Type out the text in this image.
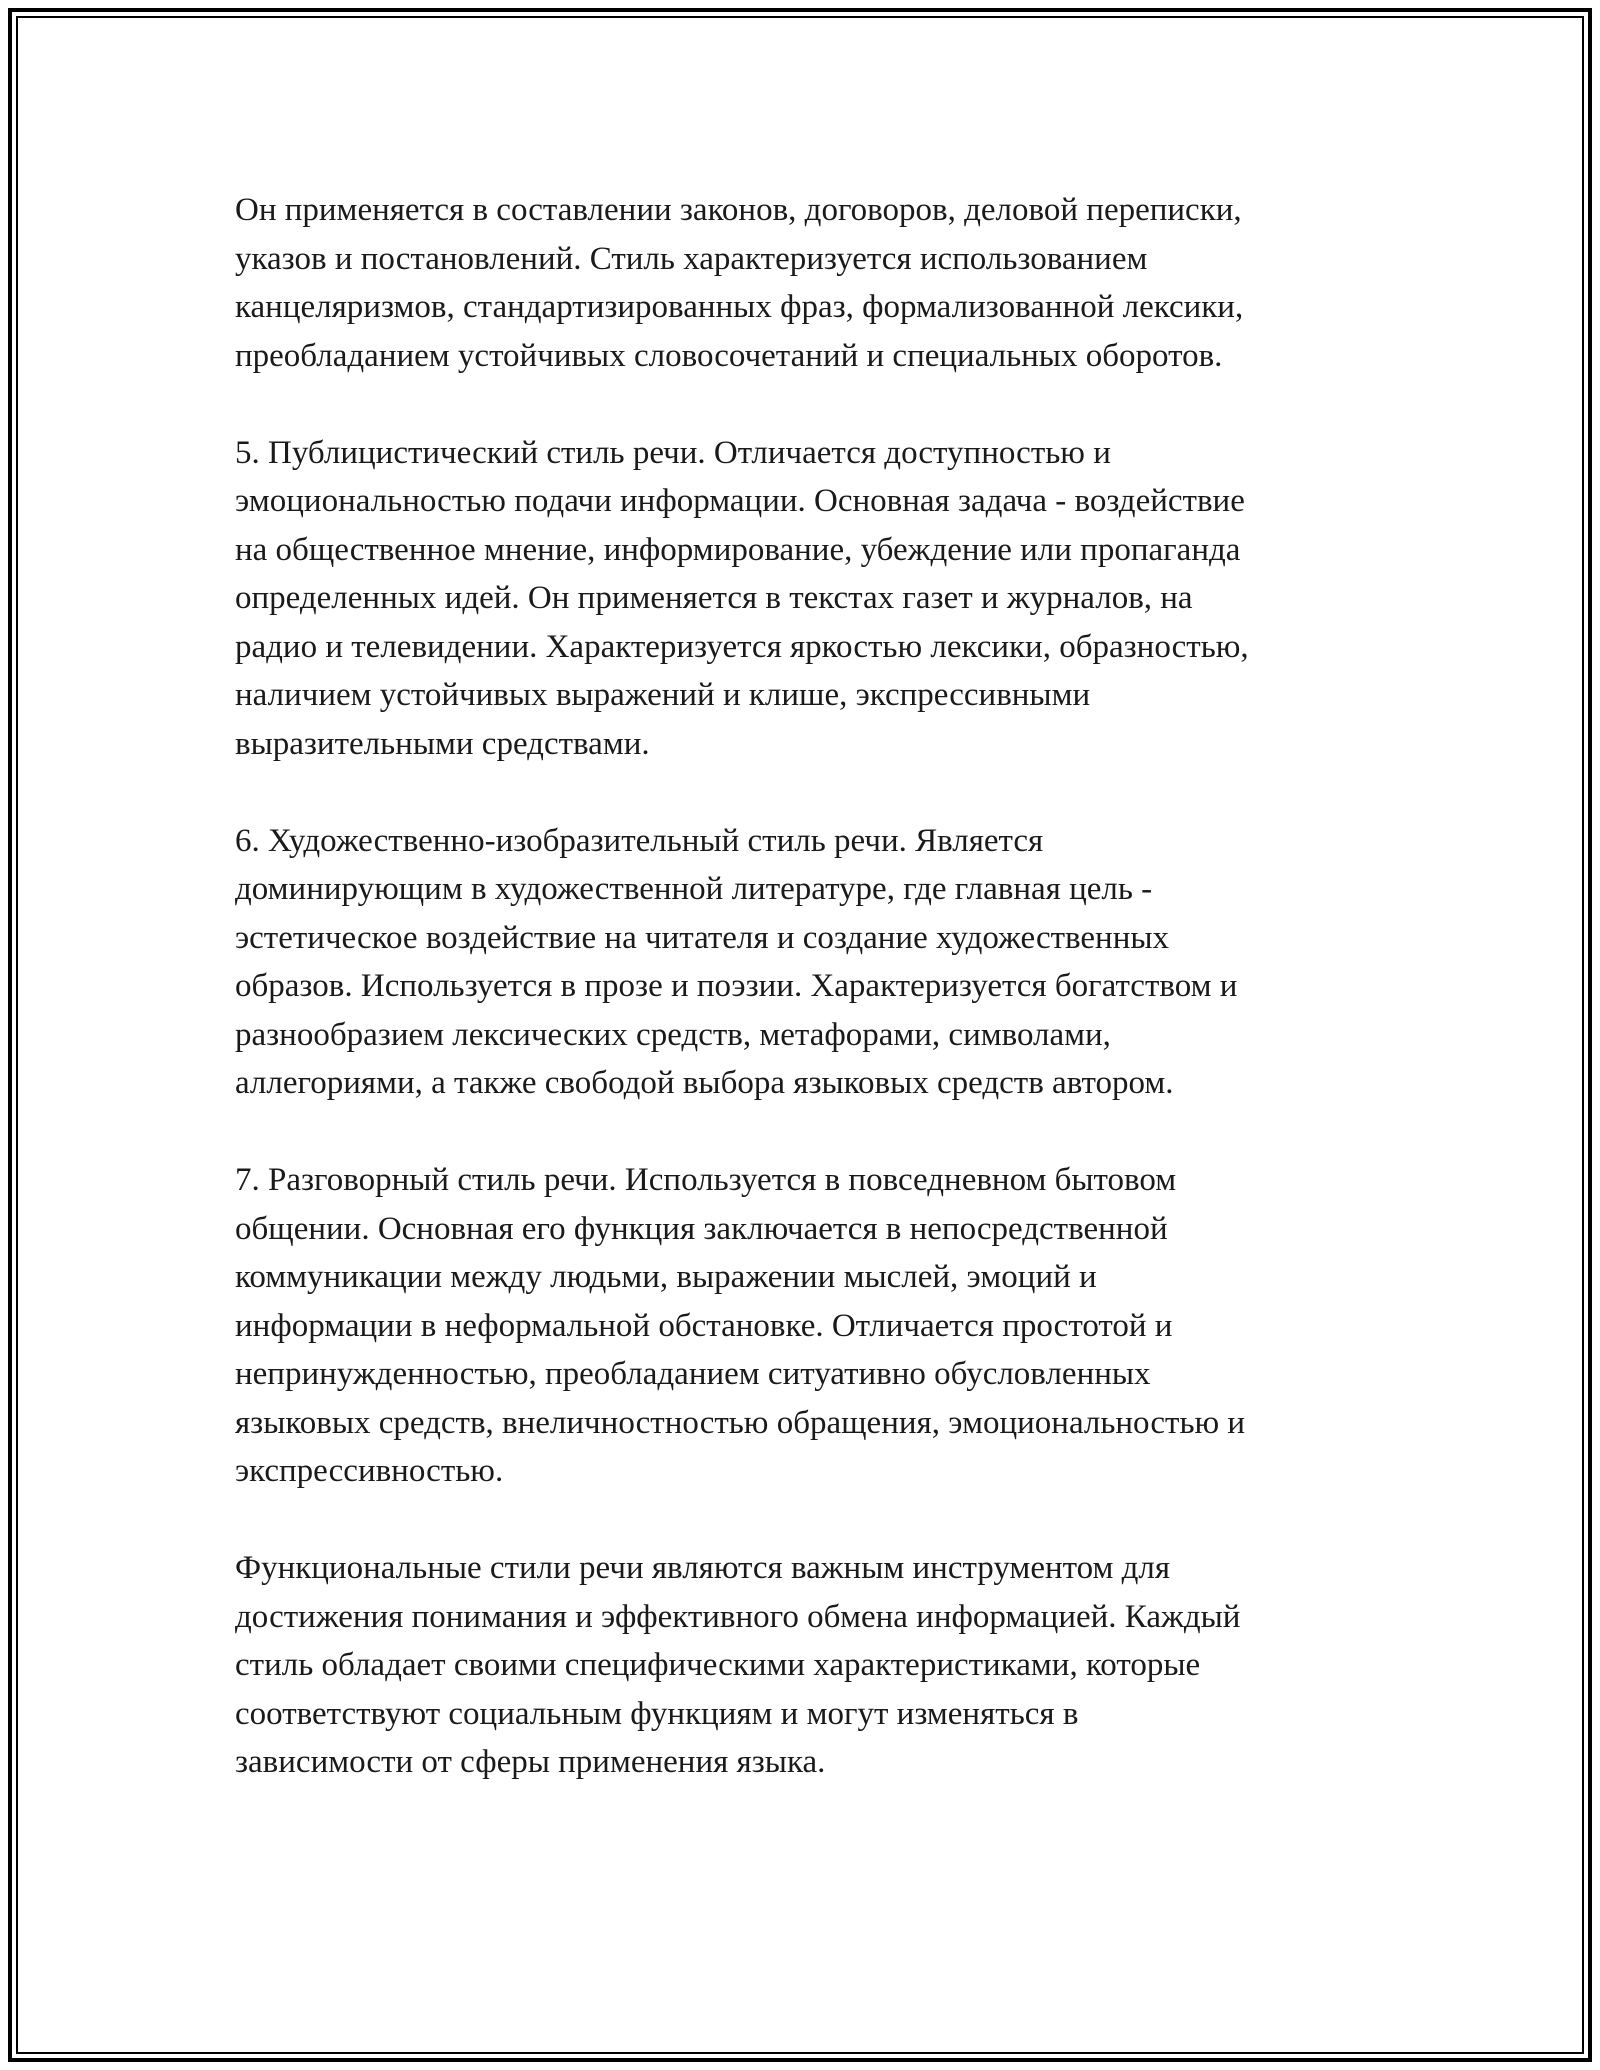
Он применяется в составлении законов, договоров, деловой переписки,
указов и постановлений. Стиль характеризуется использованием
канцеляризмов, стандартизированных фраз, формализованной лексики,
преобладанием устойчивых словосочетаний и специальных оборотов.

5. Публицистический стиль речи. Отличается доступностью и
эмоциональностью подачи информации. Основная задача - воздействие
на общественное мнение, информирование, убеждение или пропаганда
определенных идей. Он применяется в текстах газет и журналов, на
радио и телевидении. Характеризуется яркостью лексики, образностью,
наличием устойчивых выражений и клише, экспрессивными
выразительными средствами.

6. Художественно-изобразительный стиль речи. Является
доминирующим в художественной литературе, где главная цель -
эстетическое воздействие на читателя и создание художественных
образов. Используется в прозе и поэзии. Характеризуется богатством и
разнообразием лексических средств, метафорами, символами,
аллегориями, а также свободой выбора языковых средств автором.

7. Разговорный стиль речи. Используется в повседневном бытовом
общении. Основная его функция заключается в непосредственной
коммуникации между людьми, выражении мыслей, эмоций и
информации в неформальной обстановке. Отличается простотой и
непринужденностью, преобладанием ситуативно обусловленных
языковых средств, внеличностностью обращения, эмоциональностью и
экспрессивностью.

Функциональные стили речи являются важным инструментом для
достижения понимания и эффективного обмена информацией. Каждый
стиль обладает своими специфическими характеристиками, которые
соответствуют социальным функциям и могут изменяться в
зависимости от сферы применения языка.
